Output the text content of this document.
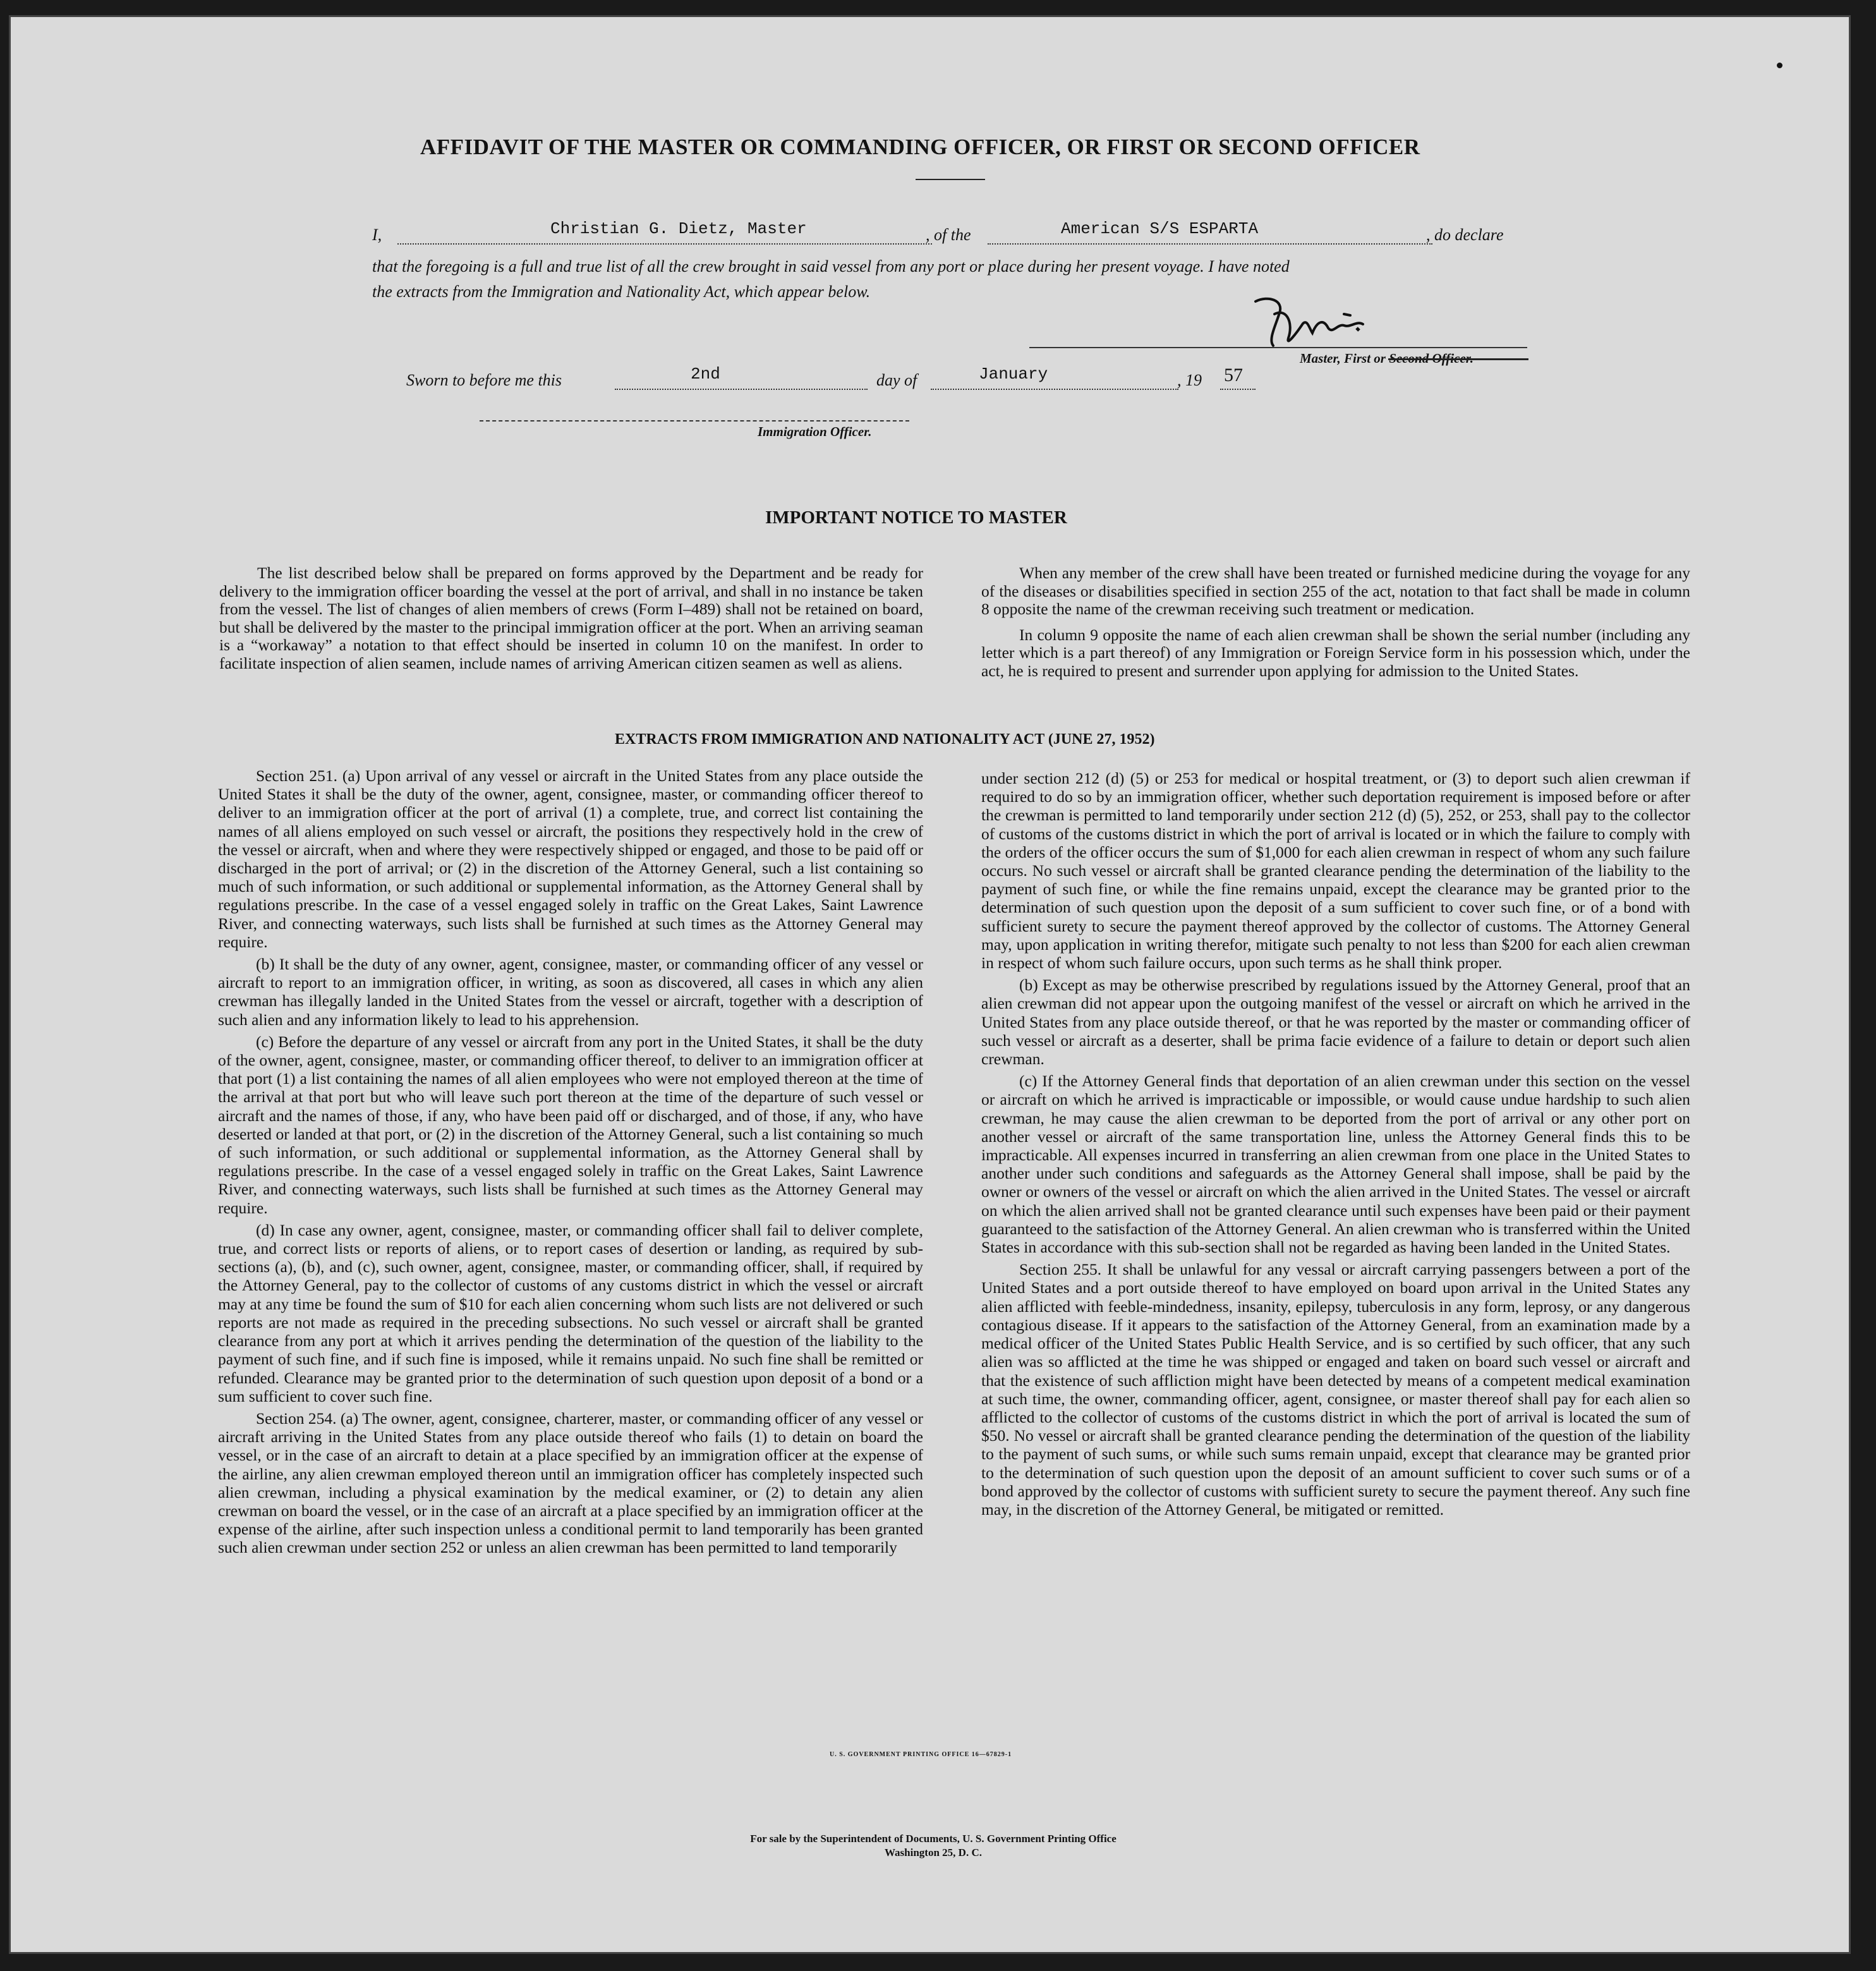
AFFIDAVIT OF THE MASTER OR COMMANDING OFFICER, OR FIRST OR SECOND OFFICER
I,	Christian G. Dietz, Master	, of the	American S/S ESPARTA	, do declare
that the foregoing is a full and true list of all the crew brought in said vessel from any port or place during her present voyage. I have noted
the extracts from the Immigration and Nationality Act, which appear below.
Master, First or Second Officer.
Sworn to before me this	2nd	day of	January	, 19 57
Immigration Officer.
IMPORTANT NOTICE TO MASTER

The list described below shall be prepared on forms approved by the Department and be ready for delivery to the immigration officer boarding the vessel at the port of arrival, and shall in no instance be taken from the vessel. The list of changes of alien members of crews (Form I–489) shall not be retained on board, but shall be delivered by the master to the principal immigration officer at the port. When an arriving seaman is a “workaway” a notation to that effect should be inserted in column 10 on the manifest. In order to facilitate inspection of alien seamen, include names of arriving American citizen seamen as well as aliens.

When any member of the crew shall have been treated or furnished medicine during the voyage for any of the diseases or disabilities specified in section 255 of the act, notation to that fact shall be made in column 8 opposite the name of the crewman receiving such treatment or medication.

In column 9 opposite the name of each alien crewman shall be shown the serial number (including any letter which is a part thereof) of any Immigration or Foreign Service form in his possession which, under the act, he is required to present and surrender upon applying for admission to the United States.

EXTRACTS FROM IMMIGRATION AND NATIONALITY ACT (JUNE 27, 1952)

Section 251. (a) Upon arrival of any vessel or aircraft in the United States from any place outside the United States it shall be the duty of the owner, agent, consignee, master, or commanding officer thereof to deliver to an immigration officer at the port of arrival (1) a complete, true, and correct list containing the names of all aliens employed on such vessel or aircraft, the positions they respectively hold in the crew of the vessel or aircraft, when and where they were respectively shipped or engaged, and those to be paid off or discharged in the port of arrival; or (2) in the discretion of the Attorney General, such a list containing so much of such information, or such additional or supplemental information, as the Attorney General shall by regulations prescribe. In the case of a vessel engaged solely in traffic on the Great Lakes, Saint Lawrence River, and connecting waterways, such lists shall be furnished at such times as the Attorney General may require.

(b) It shall be the duty of any owner, agent, consignee, master, or commanding officer of any vessel or aircraft to report to an immigration officer, in writing, as soon as discovered, all cases in which any alien crewman has illegally landed in the United States from the vessel or aircraft, together with a description of such alien and any information likely to lead to his apprehension.

(c) Before the departure of any vessel or aircraft from any port in the United States, it shall be the duty of the owner, agent, consignee, master, or commanding officer thereof, to deliver to an immigration officer at that port (1) a list containing the names of all alien employees who were not employed thereon at the time of the arrival at that port but who will leave such port thereon at the time of the departure of such vessel or aircraft and the names of those, if any, who have been paid off or discharged, and of those, if any, who have deserted or landed at that port, or (2) in the discretion of the Attorney General, such a list containing so much of such information, or such additional or supplemental information, as the Attorney General shall by regulations prescribe. In the case of a vessel engaged solely in traffic on the Great Lakes, Saint Lawrence River, and connecting waterways, such lists shall be furnished at such times as the Attorney General may require.

(d) In case any owner, agent, consignee, master, or commanding officer shall fail to deliver complete, true, and correct lists or reports of aliens, or to report cases of desertion or landing, as required by sub-sections (a), (b), and (c), such owner, agent, consignee, master, or commanding officer, shall, if required by the Attorney General, pay to the collector of customs of any customs district in which the vessel or aircraft may at any time be found the sum of $10 for each alien concerning whom such lists are not delivered or such reports are not made as required in the preceding subsections. No such vessel or aircraft shall be granted clearance from any port at which it arrives pending the determination of the question of the liability to the payment of such fine, and if such fine is imposed, while it remains unpaid. No such fine shall be remitted or refunded. Clearance may be granted prior to the determination of such question upon deposit of a bond or a sum sufficient to cover such fine.

Section 254. (a) The owner, agent, consignee, charterer, master, or commanding officer of any vessel or aircraft arriving in the United States from any place outside thereof who fails (1) to detain on board the vessel, or in the case of an aircraft to detain at a place specified by an immigration officer at the expense of the airline, any alien crewman employed thereon until an immigration officer has completely inspected such alien crewman, including a physical examination by the medical examiner, or (2) to detain any alien crewman on board the vessel, or in the case of an aircraft at a place specified by an immigration officer at the expense of the airline, after such inspection unless a conditional permit to land temporarily has been granted such alien crewman under section 252 or unless an alien crewman has been permitted to land temporarily

under section 212 (d) (5) or 253 for medical or hospital treatment, or (3) to deport such alien crewman if required to do so by an immigration officer, whether such deportation requirement is imposed before or after the crewman is permitted to land temporarily under section 212 (d) (5), 252, or 253, shall pay to the collector of customs of the customs district in which the port of arrival is located or in which the failure to comply with the orders of the officer occurs the sum of $1,000 for each alien crewman in respect of whom any such failure occurs. No such vessel or aircraft shall be granted clearance pending the determination of the liability to the payment of such fine, or while the fine remains unpaid, except the clearance may be granted prior to the determination of such question upon the deposit of a sum sufficient to cover such fine, or of a bond with sufficient surety to secure the payment thereof approved by the collector of customs. The Attorney General may, upon application in writing therefor, mitigate such penalty to not less than $200 for each alien crewman in respect of whom such failure occurs, upon such terms as he shall think proper.

(b) Except as may be otherwise prescribed by regulations issued by the Attorney General, proof that an alien crewman did not appear upon the outgoing manifest of the vessel or aircraft on which he arrived in the United States from any place outside thereof, or that he was reported by the master or commanding officer of such vessel or aircraft as a deserter, shall be prima facie evidence of a failure to detain or deport such alien crewman.

(c) If the Attorney General finds that deportation of an alien crewman under this section on the vessel or aircraft on which he arrived is impracticable or impossible, or would cause undue hardship to such alien crewman, he may cause the alien crewman to be deported from the port of arrival or any other port on another vessel or aircraft of the same transportation line, unless the Attorney General finds this to be impracticable. All expenses incurred in transferring an alien crewman from one place in the United States to another under such conditions and safeguards as the Attorney General shall impose, shall be paid by the owner or owners of the vessel or aircraft on which the alien arrived in the United States. The vessel or aircraft on which the alien arrived shall not be granted clearance until such expenses have been paid or their payment guaranteed to the satisfaction of the Attorney General. An alien crewman who is transferred within the United States in accordance with this sub-section shall not be regarded as having been landed in the United States.

Section 255. It shall be unlawful for any vessal or aircraft carrying passengers between a port of the United States and a port outside thereof to have employed on board upon arrival in the United States any alien afflicted with feeble-mindedness, insanity, epilepsy, tuberculosis in any form, leprosy, or any dangerous contagious disease. If it appears to the satisfaction of the Attorney General, from an examination made by a medical officer of the United States Public Health Service, and is so certified by such officer, that any such alien was so afflicted at the time he was shipped or engaged and taken on board such vessel or aircraft and that the existence of such affliction might have been detected by means of a competent medical examination at such time, the owner, commanding officer, agent, consignee, or master thereof shall pay for each alien so afflicted to the collector of customs of the customs district in which the port of arrival is located the sum of $50. No vessel or aircraft shall be granted clearance pending the determination of the question of the liability to the payment of such sums, or while such sums remain unpaid, except that clearance may be granted prior to the determination of such question upon the deposit of an amount sufficient to cover such sums or of a bond approved by the collector of customs with sufficient surety to secure the payment thereof. Any such fine may, in the discretion of the Attorney General, be mitigated or remitted.

U. S. GOVERNMENT PRINTING OFFICE 16—67829-1
For sale by the Superintendent of Documents, U. S. Government Printing Office
Washington 25, D. C.
